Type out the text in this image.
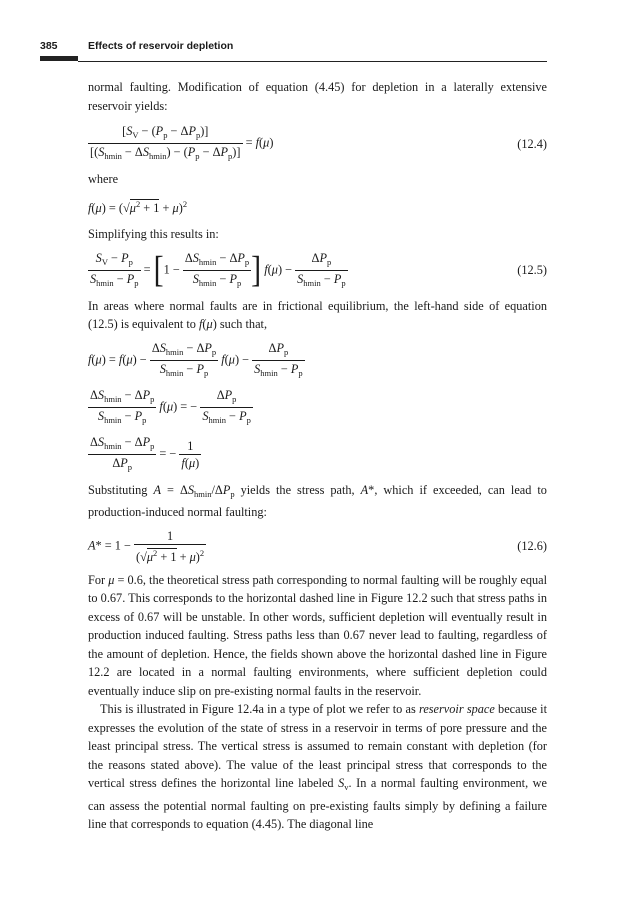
385	Effects of reservoir depletion

normal faulting. Modification of equation (4.45) for depletion in a laterally extensive reservoir yields:

$\frac{[S_V - (P_p - \Delta P_p)]}{[(S_{hmin} - \Delta S_{hmin}) - (P_p - \Delta P_p)]} = f(\mu)$	(12.4)

where

$f(\mu) = (√\mu^2 + 1 + \mu)^2$

Simplifying this results in:

$\frac{S_V - P_p}{S_{hmin} - P_p} = [1 - \frac{\Delta S_{hmin} - \Delta P_p}{S_{hmin} - P_p}$ ] $f(\mu) - \frac{\Delta P_p}{S_{hmin} - P_p}$	(12.5)

In areas where normal faults are in frictional equilibrium, the left-hand side of equation (12.5) is equivalent to f(μ) such that,

$f(\mu) = f(\mu) - \frac{\Delta S_{hmin} - \Delta P_p}{S_{hmin} - P_p} f(\mu) - \frac{\Delta P_p}{S_{hmin} - P_p}$
$\frac{\Delta S_{hmin} - \Delta P_p}{S_{hmin} - P_p} f(\mu)$ = − $\frac{\Delta P_p}{S_{hmin} - P_p}$
$\frac{\Delta S_{hmin} - \Delta P_p}{\Delta P_p}$ = − $\frac{1}{f(\mu)}$

Substituting $A = \Delta S_{hmin}/\Delta P_p$ yields the stress path, A*, which if exceeded, can lead to production-induced normal faulting:

$A* = 1 - \frac{1}{(√\mu^2 + 1 + \mu)^2}$	(12.6)

For μ = 0.6, the theoretical stress path corresponding to normal faulting will be roughly equal to 0.67. This corresponds to the horizontal dashed line in Figure 12.2 such that stress paths in excess of 0.67 will be unstable. In other words, sufficient depletion will eventually result in production induced faulting. Stress paths less than 0.67 never lead to faulting, regardless of the amount of depletion. Hence, the fields shown above the horizontal dashed line in Figure 12.2 are located in a normal faulting environments, where sufficient depletion could eventually induce slip on pre-existing normal faults in the reservoir.

This is illustrated in Figure 12.4a in a type of plot we refer to as reservoir space because it expresses the evolution of the state of stress in a reservoir in terms of pore pressure and the least principal stress. The vertical stress is assumed to remain constant with depletion (for the reasons stated above). The value of the least principal stress that corresponds to the vertical stress defines the horizontal line labeled $S_v$. In a normal faulting environment, we can assess the potential normal faulting on pre-existing faults simply by defining a failure line that corresponds to equation (4.45). The diagonal line
